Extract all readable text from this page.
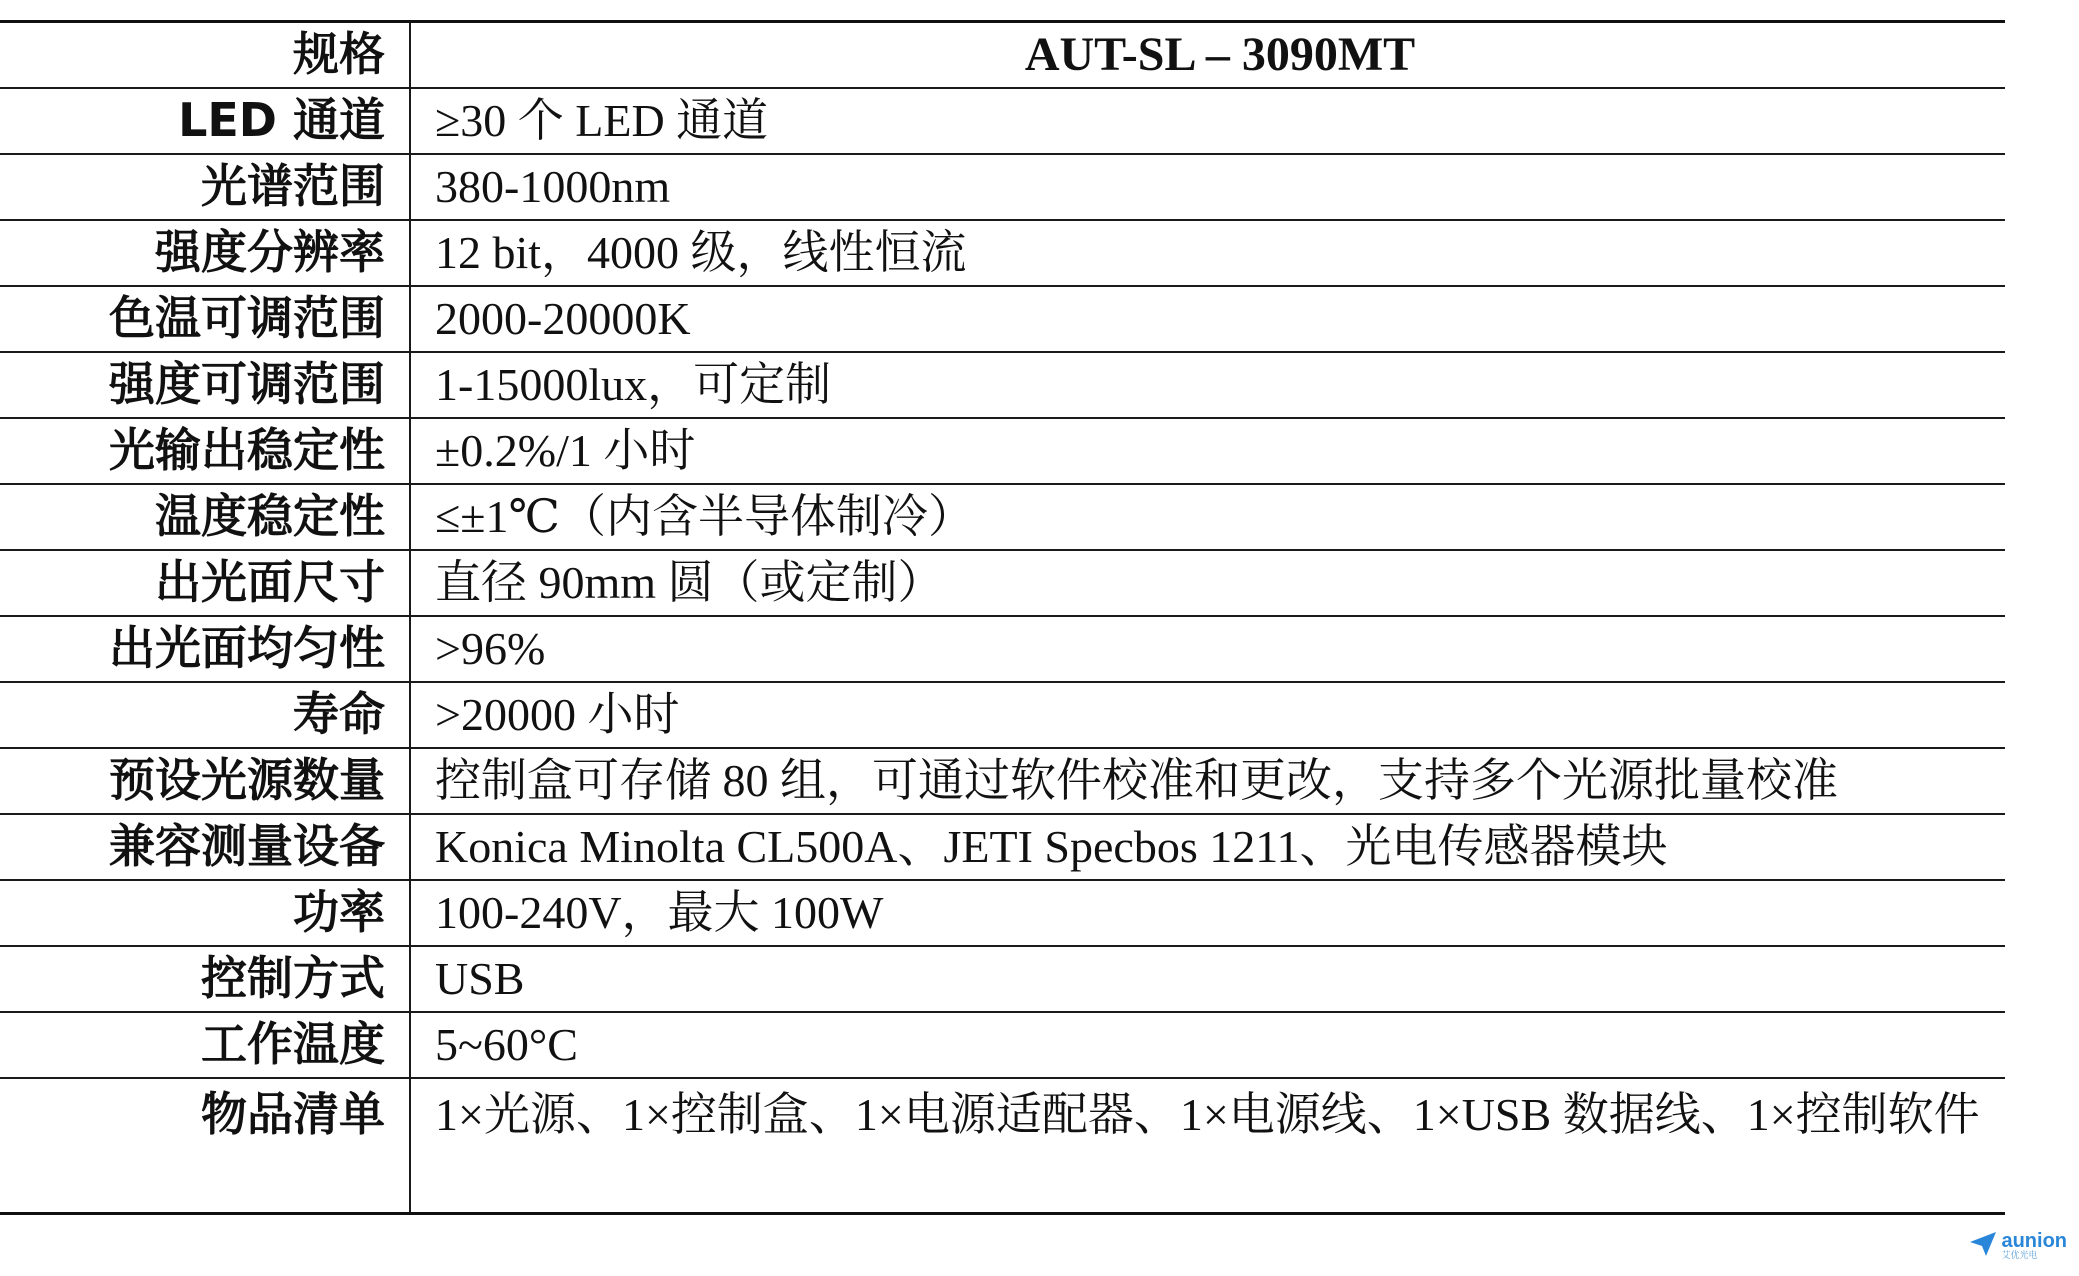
规格	AUT-SL – 3090MT
LED 通道	≥30 个 LED 通道
光谱范围	380-1000nm
强度分辨率	12 bit，4000 级，线性恒流
色温可调范围	2000-20000K
强度可调范围	1-15000lux，可定制
光输出稳定性	±0.2%/1 小时
温度稳定性	≤±1℃（内含半导体制冷）
出光面尺寸	直径 90mm 圆（或定制）
出光面均匀性	>96%
寿命	>20000 小时
预设光源数量	控制盒可存储 80 组，可通过软件校准和更改，支持多个光源批量校准
兼容测量设备	Konica Minolta CL500A、JETI Specbos 1211、光电传感器模块
功率	100-240V，最大 100W
控制方式	USB
工作温度	5~60°C
物品清单	1×光源、1×控制盒、1×电源适配器、1×电源线、1×USB 数据线、1×控制软件
aunion
艾优光电
